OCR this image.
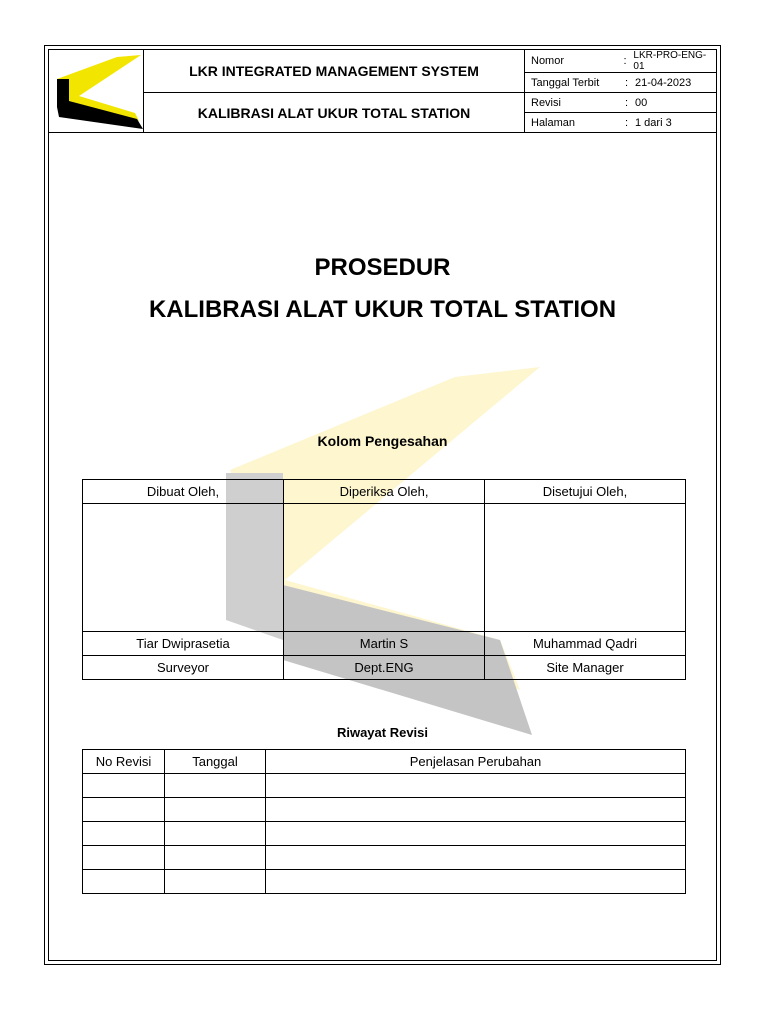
	LKR INTEGRATED MANAGEMENT SYSTEM	Nomor : LKR-PRO-ENG-01

		Tanggal Terbit : 21-04-2023

	KALIBRASI ALAT UKUR TOTAL STATION	Revisi : 00

		Halaman : 1 dari 3
PROSEDUR
KALIBRASI ALAT UKUR TOTAL STATION
Kolom Pengesahan
Dibuat Oleh,	Diperiksa Oleh,	Disetujui Oleh,

Tiar Dwiprasetia	Martin S	Muhammad Qadri
Surveyor	Dept.ENG	Site Manager
Riwayat Revisi
No Revisi	Tanggal	Penjelasan Perubahan
